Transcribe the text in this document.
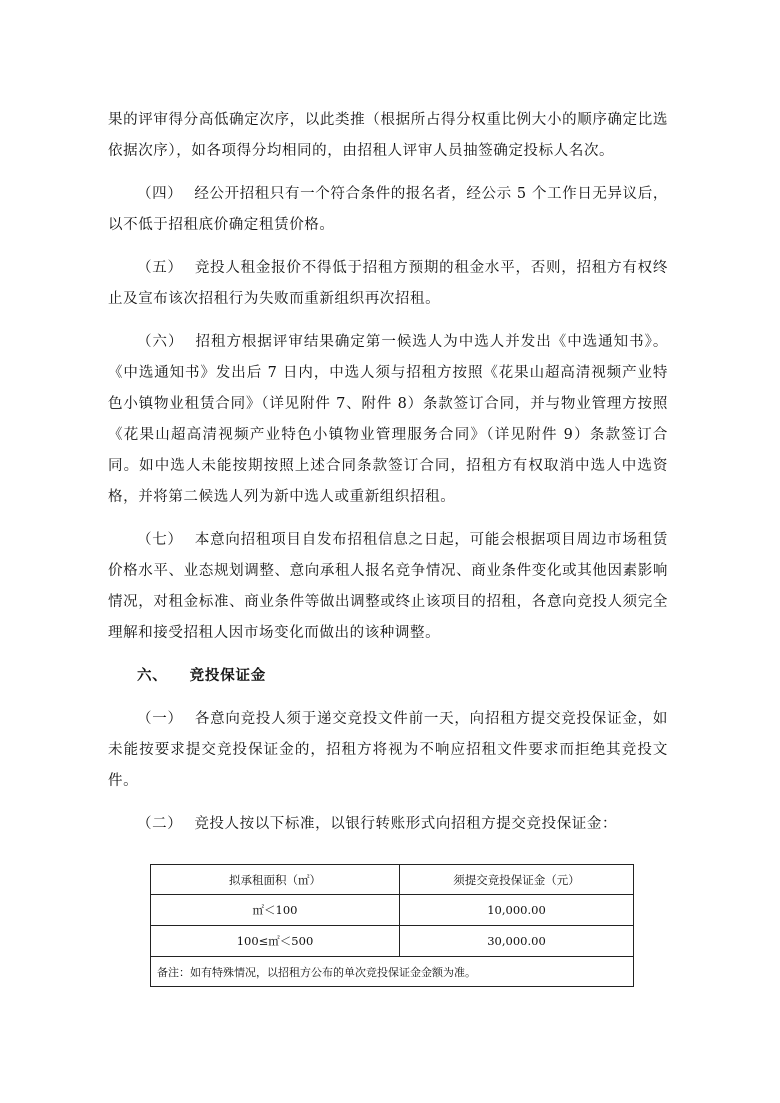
果的评审得分高低确定次序，以此类推（根据所占得分权重比例大小的顺序确定比选依据次序），如各项得分均相同的，由招租人评审人员抽签确定投标人名次。

（四） 经公开招租只有一个符合条件的报名者，经公示 5 个工作日无异议后，以不低于招租底价确定租赁价格。

（五） 竞投人租金报价不得低于招租方预期的租金水平，否则，招租方有权终止及宣布该次招租行为失败而重新组织再次招租。

（六） 招租方根据评审结果确定第一候选人为中选人并发出《中选通知书》。《中选通知书》发出后 7 日内，中选人须与招租方按照《花果山超高清视频产业特色小镇物业租赁合同》（详见附件 7、附件 8）条款签订合同，并与物业管理方按照《花果山超高清视频产业特色小镇物业管理服务合同》（详见附件 9）条款签订合同。如中选人未能按期按照上述合同条款签订合同，招租方有权取消中选人中选资格，并将第二候选人列为新中选人或重新组织招租。

（七） 本意向招租项目自发布招租信息之日起，可能会根据项目周边市场租赁价格水平、业态规划调整、意向承租人报名竞争情况、商业条件变化或其他因素影响情况，对租金标准、商业条件等做出调整或终止该项目的招租，各意向竞投人须完全理解和接受招租人因市场变化而做出的该种调整。

六、 竞投保证金

（一） 各意向竞投人须于递交竞投文件前一天，向招租方提交竞投保证金，如未能按要求提交竞投保证金的，招租方将视为不响应招租文件要求而拒绝其竞投文件。

（二） 竞投人按以下标准，以银行转账形式向招租方提交竞投保证金：

拟承租面积（㎡）	须提交竞投保证金（元）
㎡＜100	10,000.00
100≤㎡＜500	30,000.00
备注：如有特殊情况，以招租方公布的单次竞投保证金金额为准。	
